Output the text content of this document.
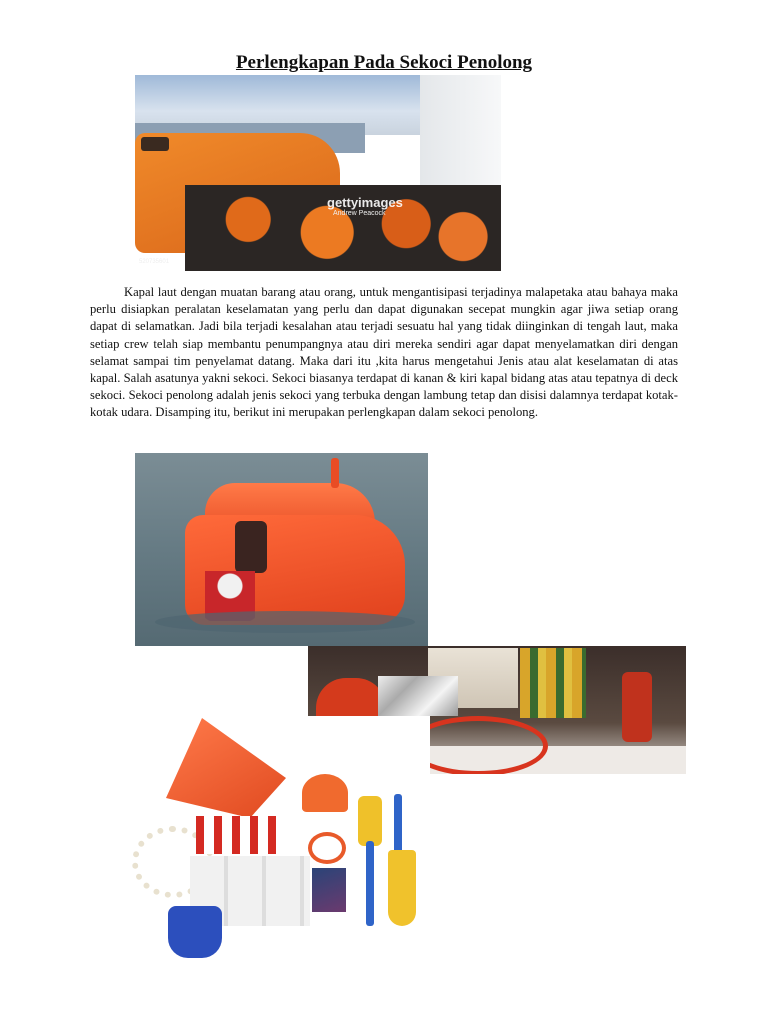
Perlengkapan Pada Sekoci Penolong
gettyimages
Andrew Peacock
520735601

Kapal laut dengan muatan barang atau orang, untuk mengantisipasi terjadinya malapetaka atau bahaya maka perlu disiapkan peralatan keselamatan yang perlu dan dapat digunakan secepat mungkin agar jiwa setiap orang dapat di selamatkan. Jadi bila terjadi kesalahan atau terjadi sesuatu hal yang tidak diinginkan di tengah laut, maka setiap crew telah siap membantu penumpangnya atau diri mereka sendiri agar dapat menyelamatkan diri dengan selamat sampai tim penyelamat datang. Maka dari itu ,kita harus mengetahui Jenis atau alat keselamatan di atas kapal. Salah asatunya yakni sekoci. Sekoci biasanya terdapat di kanan & kiri kapal bidang atas atau tepatnya di deck sekoci. Sekoci penolong adalah jenis sekoci yang terbuka dengan lambung tetap dan disisi dalamnya terdapat kotak-kotak udara. Disamping itu, berikut ini merupakan perlengkapan dalam sekoci penolong.
